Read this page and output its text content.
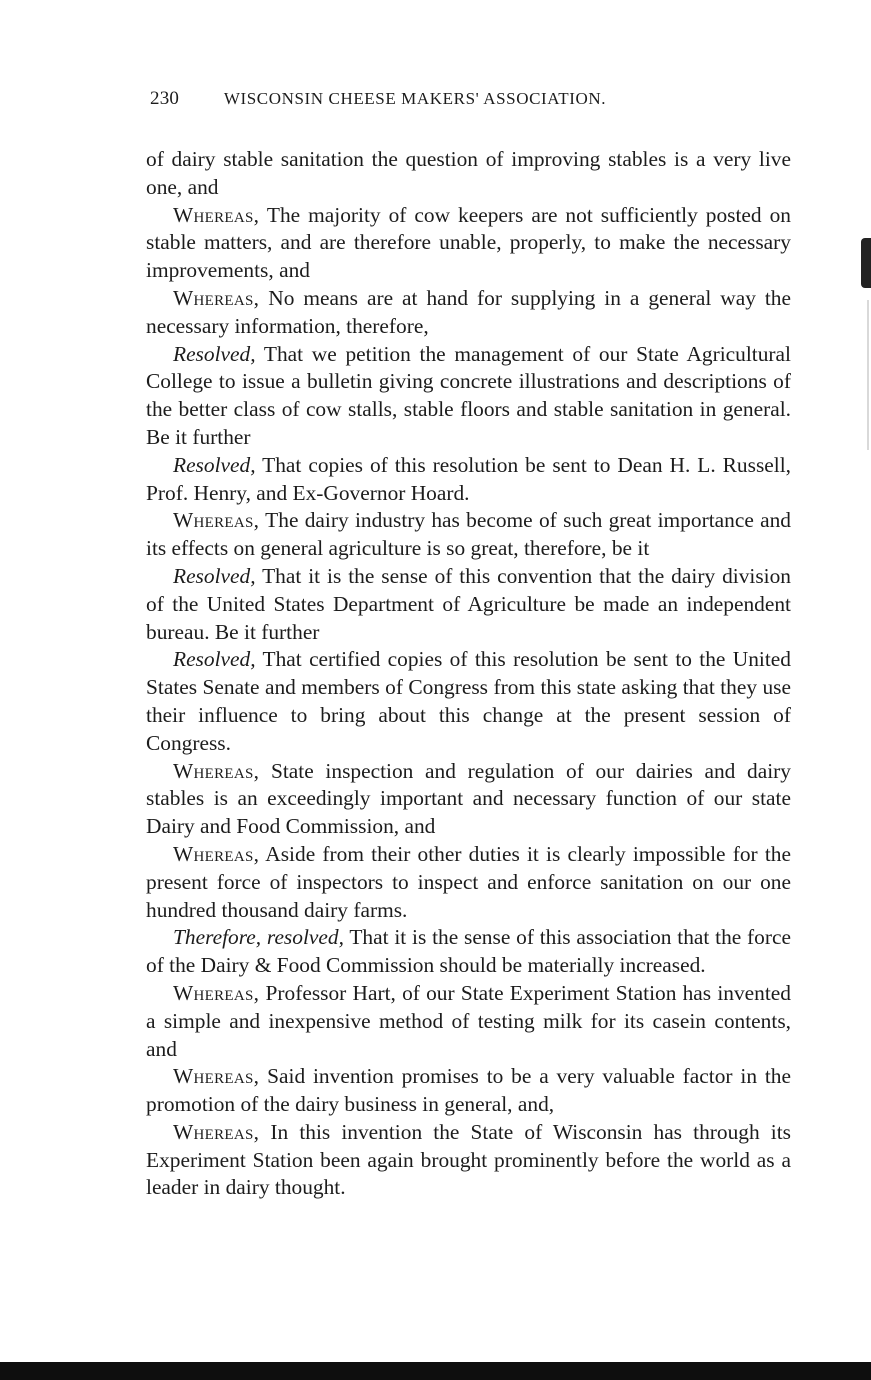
230	WISCONSIN CHEESE MAKERS' ASSOCIATION.

of dairy stable sanitation the question of improving stables is a very live one, and

Whereas, The majority of cow keepers are not sufficiently posted on stable matters, and are therefore unable, properly, to make the necessary improvements, and

Whereas, No means are at hand for supplying in a general way the necessary information, therefore,

Resolved, That we petition the management of our State Agricultural College to issue a bulletin giving concrete illustrations and descriptions of the better class of cow stalls, stable floors and stable sanitation in general. Be it further

Resolved, That copies of this resolution be sent to Dean H. L. Russell, Prof. Henry, and Ex-Governor Hoard.

Whereas, The dairy industry has become of such great importance and its effects on general agriculture is so great, therefore, be it

Resolved, That it is the sense of this convention that the dairy division of the United States Department of Agriculture be made an independent bureau. Be it further

Resolved, That certified copies of this resolution be sent to the United States Senate and members of Congress from this state asking that they use their influence to bring about this change at the present session of Congress.

Whereas, State inspection and regulation of our dairies and dairy stables is an exceedingly important and necessary function of our state Dairy and Food Commission, and

Whereas, Aside from their other duties it is clearly impossible for the present force of inspectors to inspect and enforce sanitation on our one hundred thousand dairy farms.

Therefore, resolved, That it is the sense of this association that the force of the Dairy & Food Commission should be materially increased.

Whereas, Professor Hart, of our State Experiment Station has invented a simple and inexpensive method of testing milk for its casein contents, and

Whereas, Said invention promises to be a very valuable factor in the promotion of the dairy business in general, and,

Whereas, In this invention the State of Wisconsin has through its Experiment Station been again brought prominently before the world as a leader in dairy thought.
